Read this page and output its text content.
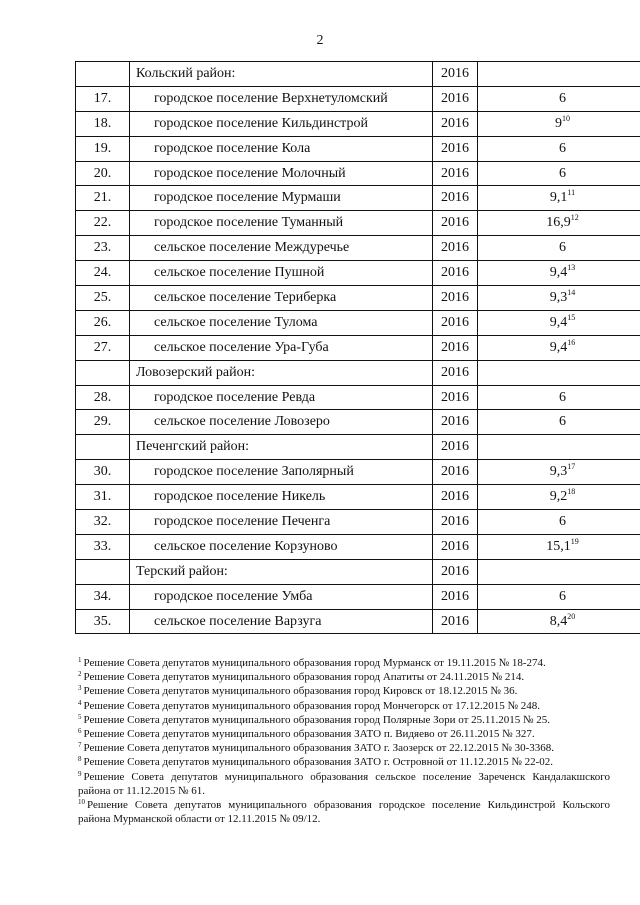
2
	Кольский район:	2016	
17.	городское поселение Верхнетуломский	2016	6
18.	городское поселение Кильдинстрой	2016	$9^{10}$
19.	городское поселение Кола	2016	6
20.	городское поселение Молочный	2016	6
21.	городское поселение Мурмаши	2016	$9,1^{11}$
22.	городское поселение Туманный	2016	16,9$^{12}$
23.	сельское поселение Междуречье	2016	6
24.	сельское поселение Пушной	2016	$9,4^{13}$
25.	сельское поселение Териберка	2016	$9,3^{14}$
26.	сельское поселение Тулома	2016	$9,4^{15}$
27.	сельское поселение Ура-Губа	2016	$9,4^{16}$
	Ловозерский район:	2016	
28.	городское поселение Ревда	2016	6
29.	сельское поселение Ловозеро	2016	6
	Печенгский район:	2016	
30.	городское поселение Заполярный	2016	$9,3^{17}$
31.	городское поселение Никель	2016	$9,2^{18}$
32.	городское поселение Печенга	2016	6
33.	сельское поселение Корзуново	2016	15,1$^{19}$
	Терский район:	2016	
34.	городское поселение Умба	2016	6
35.	сельское поселение Варзуга	2016	$8,4^{20}$
$^1$ Решение Совета депутатов муниципального образования город Мурманск от 19.11.2015 № 18-274.
$^2$ Решение Совета депутатов муниципального образования город Апатиты от 24.11.2015 № 214.
$^3$ Решение Совета депутатов муниципального образования город Кировск от 18.12.2015 № 36.
$^4$ Решение Совета депутатов муниципального образования город Мончегорск от 17.12.2015 № 248.
$^5$ Решение Совета депутатов муниципального образования город Полярные Зори от 25.11.2015 № 25.
$^6$ Решение Совета депутатов муниципального образования ЗАТО п. Видяево от 26.11.2015 № 327.
$^7$ Решение Совета депутатов муниципального образования ЗАТО г. Заозерск от 22.12.2015 № 30-3368.
$^8$ Решение Совета депутатов муниципального образования ЗАТО г. Островной от 11.12.2015 № 22-02.
$^9$ Решение Совета депутатов муниципального образования сельское поселение Зареченск Кандалакшского района от 11.12.2015 № 61.
$^{10}$ Решение Совета депутатов муниципального образования городское поселение Кильдинстрой Кольского района Мурманской области от 12.11.2015 № 09/12.
